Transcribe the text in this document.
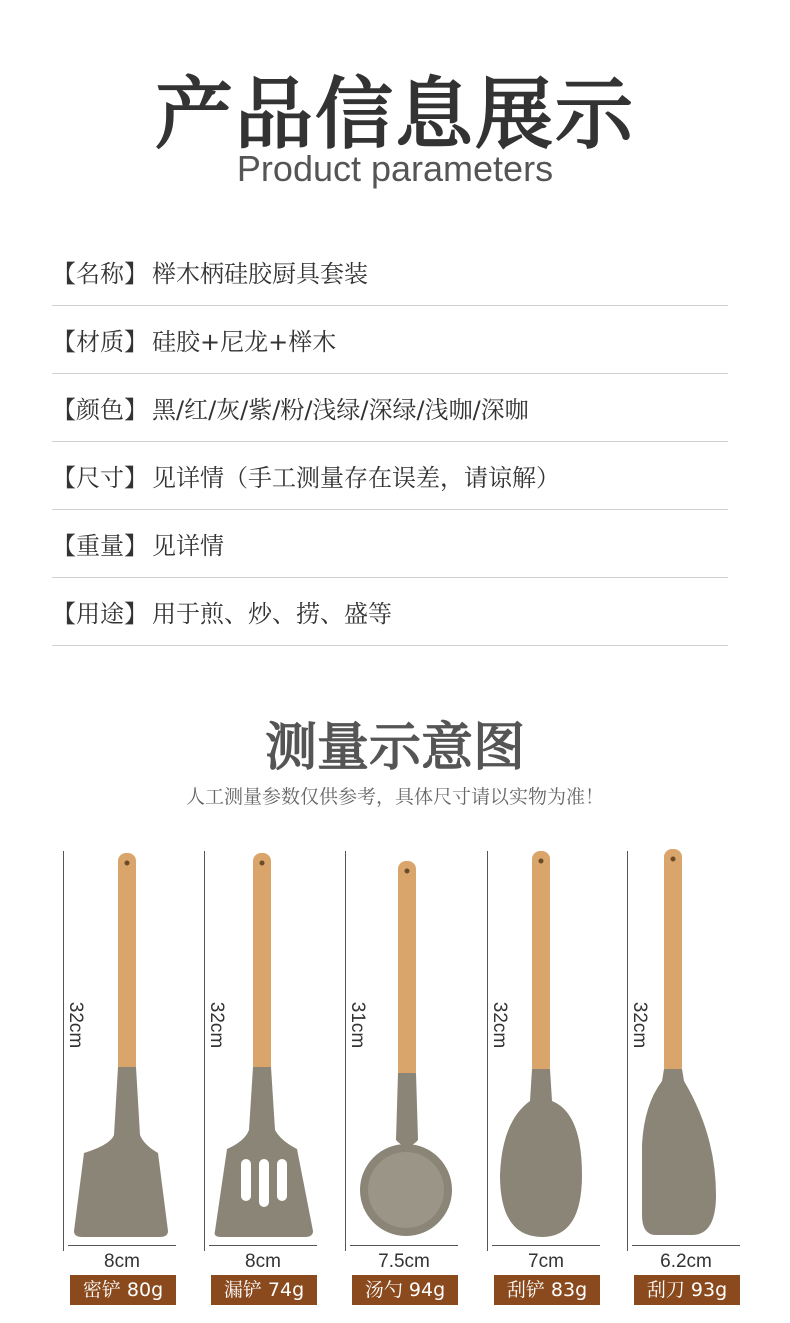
产品信息展示
Product parameters
【名称】 榉木柄硅胶厨具套装
【材质】 硅胶+尼龙+榉木
【颜色】 黑/红/灰/紫/粉/浅绿/深绿/浅咖/深咖
【尺寸】 见详情（手工测量存在误差，请谅解）
【重量】 见详情
【用途】 用于煎、炒、捞、盛等
测量示意图
人工测量参数仅供参考，具体尺寸请以实物为准！
32cm
8cm
密铲 80g
32cm
8cm
漏铲 74g
31cm
7.5cm
汤勺 94g
32cm
7cm
刮铲 83g
32cm
6.2cm
刮刀 93g
